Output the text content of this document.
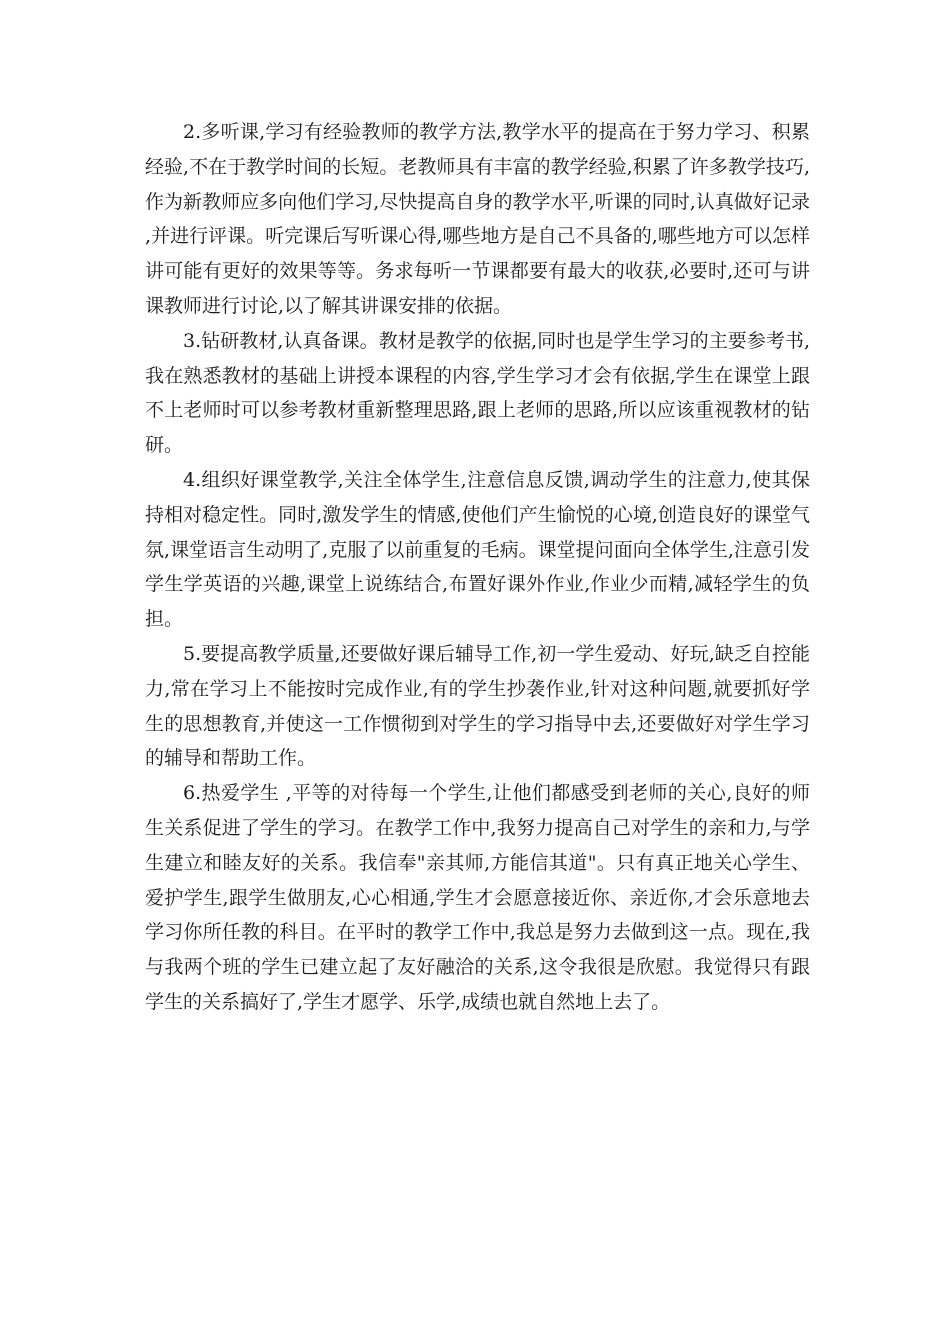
2.多听课,学习有经验教师的教学方法,教学水平的提高在于努力学习、积累经验,不在于教学时间的长短。老教师具有丰富的教学经验,积累了许多教学技巧,作为新教师应多向他们学习,尽快提高自身的教学水平,听课的同时,认真做好记录,并进行评课。听完课后写听课心得,哪些地方是自己不具备的,哪些地方可以怎样讲可能有更好的效果等等。务求每听一节课都要有最大的收获,必要时,还可与讲课教师进行讨论,以了解其讲课安排的依据。

3.钻研教材,认真备课。教材是教学的依据,同时也是学生学习的主要参考书,我在熟悉教材的基础上讲授本课程的内容,学生学习才会有依据,学生在课堂上跟不上老师时可以参考教材重新整理思路,跟上老师的思路,所以应该重视教材的钻研。

4.组织好课堂教学,关注全体学生,注意信息反馈,调动学生的注意力,使其保持相对稳定性。同时,激发学生的情感,使他们产生愉悦的心境,创造良好的课堂气氛,课堂语言生动明了,克服了以前重复的毛病。课堂提问面向全体学生,注意引发学生学英语的兴趣,课堂上说练结合,布置好课外作业,作业少而精,减轻学生的负担。

5.要提高教学质量,还要做好课后辅导工作,初一学生爱动、好玩,缺乏自控能力,常在学习上不能按时完成作业,有的学生抄袭作业,针对这种问题,就要抓好学生的思想教育,并使这一工作惯彻到对学生的学习指导中去,还要做好对学生学习的辅导和帮助工作。

6.热爱学生 ,平等的对待每一个学生,让他们都感受到老师的关心,良好的师生关系促进了学生的学习。在教学工作中,我努力提高自己对学生的亲和力,与学生建立和睦友好的关系。我信奉"亲其师,方能信其道"。只有真正地关心学生、爱护学生,跟学生做朋友,心心相通,学生才会愿意接近你、亲近你,才会乐意地去学习你所任教的科目。在平时的教学工作中,我总是努力去做到这一点。现在,我与我两个班的学生已建立起了友好融洽的关系,这令我很是欣慰。我觉得只有跟学生的关系搞好了,学生才愿学、乐学,成绩也就自然地上去了。
